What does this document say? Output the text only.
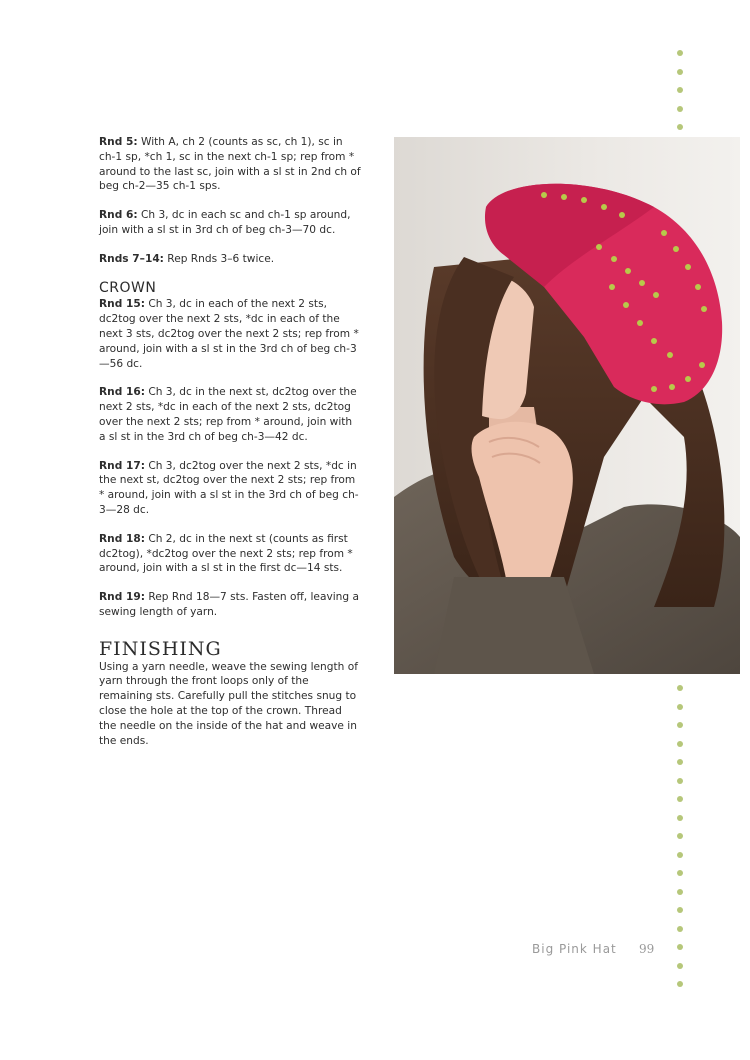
Rnd 5: With A, ch 2 (counts as sc, ch 1), sc in ch-1 sp, *ch 1, sc in the next ch-1 sp; rep from * around to the last sc, join with a sl st in 2nd ch of beg ch-2—35 ch-1 sps.

Rnd 6: Ch 3, dc in each sc and ch-1 sp around, join with a sl st in 3rd ch of beg ch-3—70 dc.

Rnds 7–14: Rep Rnds 3–6 twice.

CROWN

Rnd 15: Ch 3, dc in each of the next 2 sts, dc2tog over the next 2 sts, *dc in each of the next 3 sts, dc2tog over the next 2 sts; rep from * around, join with a sl st in the 3rd ch of beg ch-3—56 dc.

Rnd 16: Ch 3, dc in the next st, dc2tog over the next 2 sts, *dc in each of the next 2 sts, dc2tog over the next 2 sts; rep from * around, join with a sl st in the 3rd ch of beg ch-3—42 dc.

Rnd 17: Ch 3, dc2tog over the next 2 sts, *dc in the next st, dc2tog over the next 2 sts; rep from * around, join with a sl st in the 3rd ch of beg ch-3—28 dc.

Rnd 18: Ch 2, dc in the next st (counts as first dc2tog), *dc2tog over the next 2 sts; rep from * around, join with a sl st in the first dc—14 sts.

Rnd 19: Rep Rnd 18—7 sts. Fasten off, leaving a sewing length of yarn.

FINISHING

Using a yarn needle, weave the sewing length of yarn through the front loops only of the remaining sts. Carefully pull the stitches snug to close the hole at the top of the crown. Thread the needle on the inside of the hat and weave in the ends.

Big Pink Hat 99
